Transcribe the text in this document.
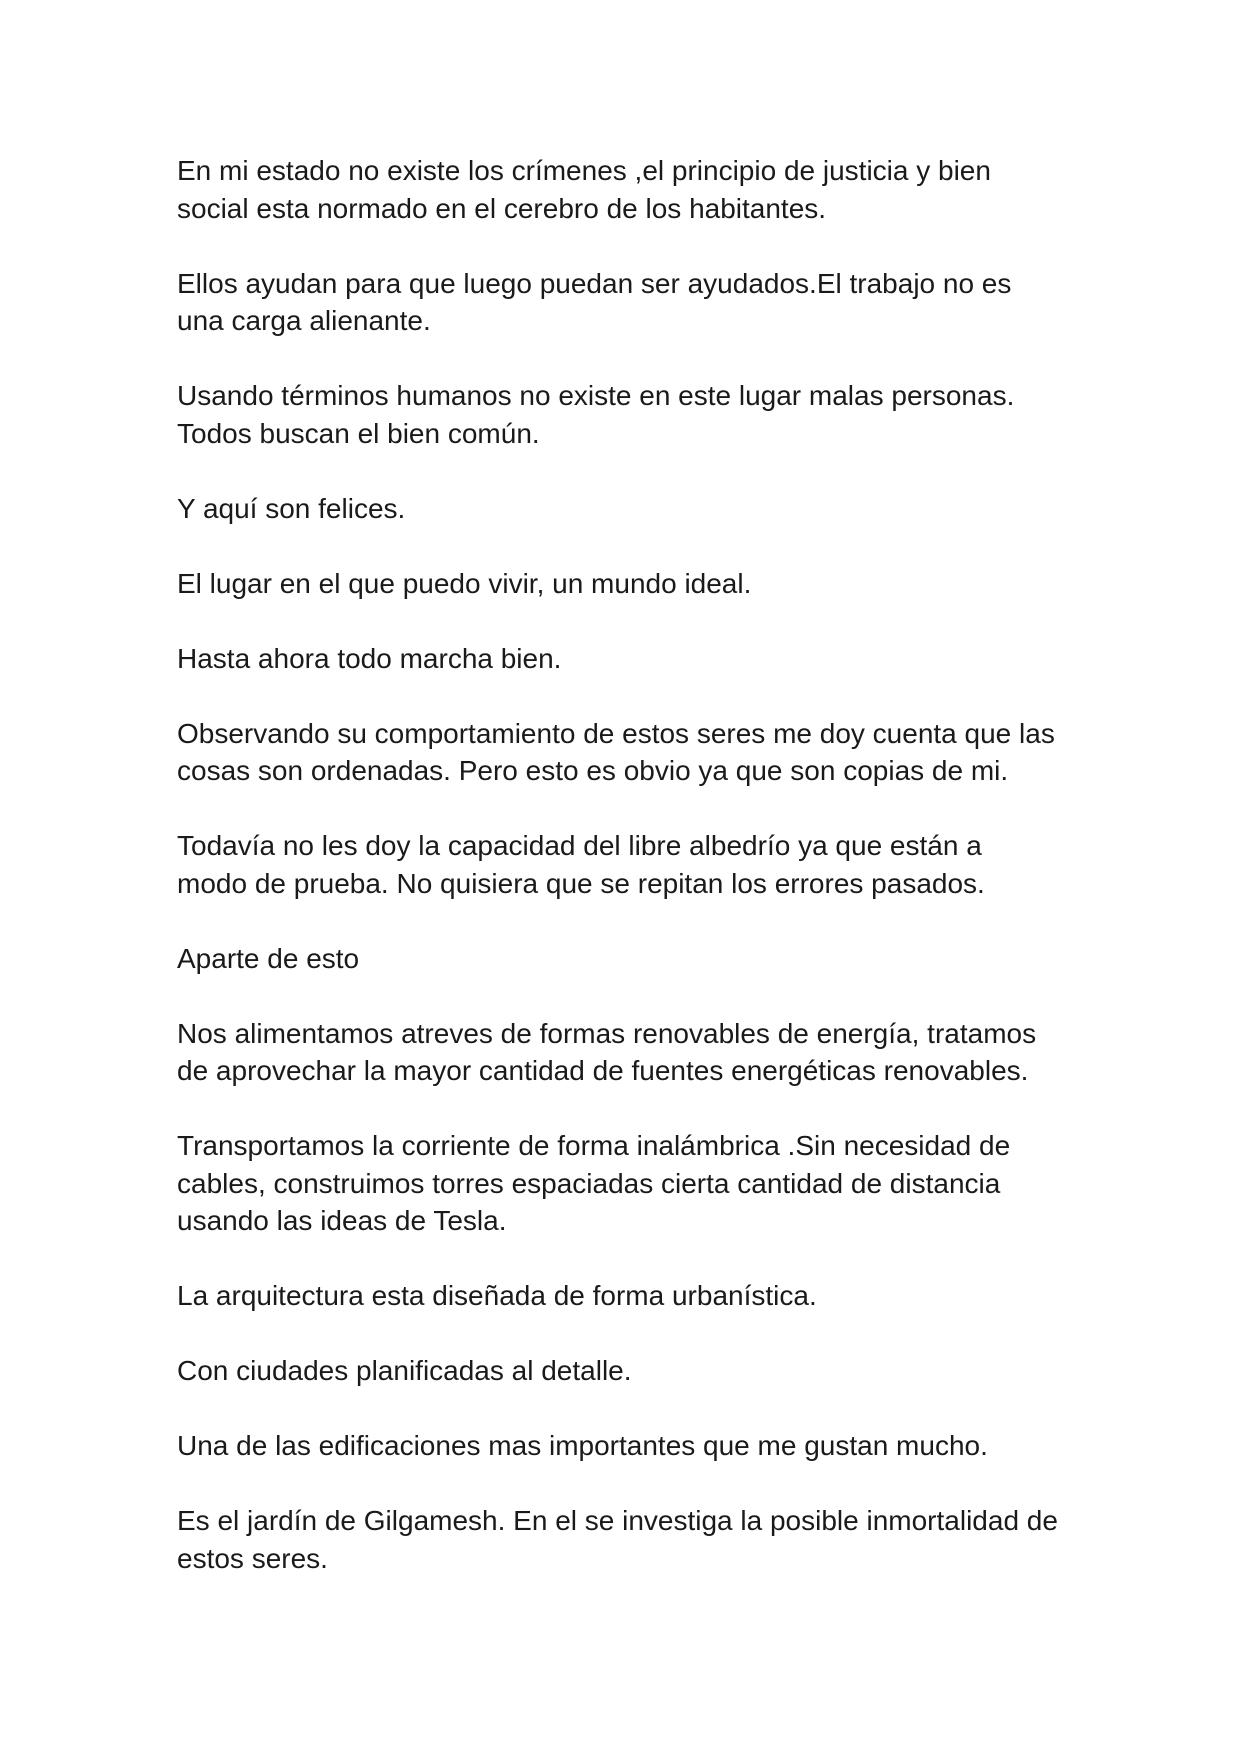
En mi estado no existe los crímenes ,el principio de justicia y bien
social esta normado en el cerebro de los habitantes.

Ellos ayudan para que luego puedan ser ayudados.El trabajo no es
una carga alienante.

Usando términos humanos no existe en este lugar malas personas.
Todos buscan el bien común.

Y aquí son felices.

El lugar en el que puedo vivir, un mundo ideal.

Hasta ahora todo marcha bien.

Observando su comportamiento de estos seres me doy cuenta que las
cosas son ordenadas. Pero esto es obvio ya que son copias de mi.

Todavía no les doy la capacidad del libre albedrío ya que están a
modo de prueba. No quisiera que se repitan los errores pasados.

Aparte de esto

Nos alimentamos atreves de formas renovables de energía, tratamos
de aprovechar la mayor cantidad de fuentes energéticas renovables.

Transportamos la corriente de forma inalámbrica .Sin necesidad de
cables, construimos torres espaciadas cierta cantidad de distancia
usando las ideas de Tesla.

La arquitectura esta diseñada de forma urbanística.

Con ciudades planificadas al detalle.

Una de las edificaciones mas importantes que me gustan mucho.

Es el jardín de Gilgamesh. En el se investiga la posible inmortalidad de
estos seres.
